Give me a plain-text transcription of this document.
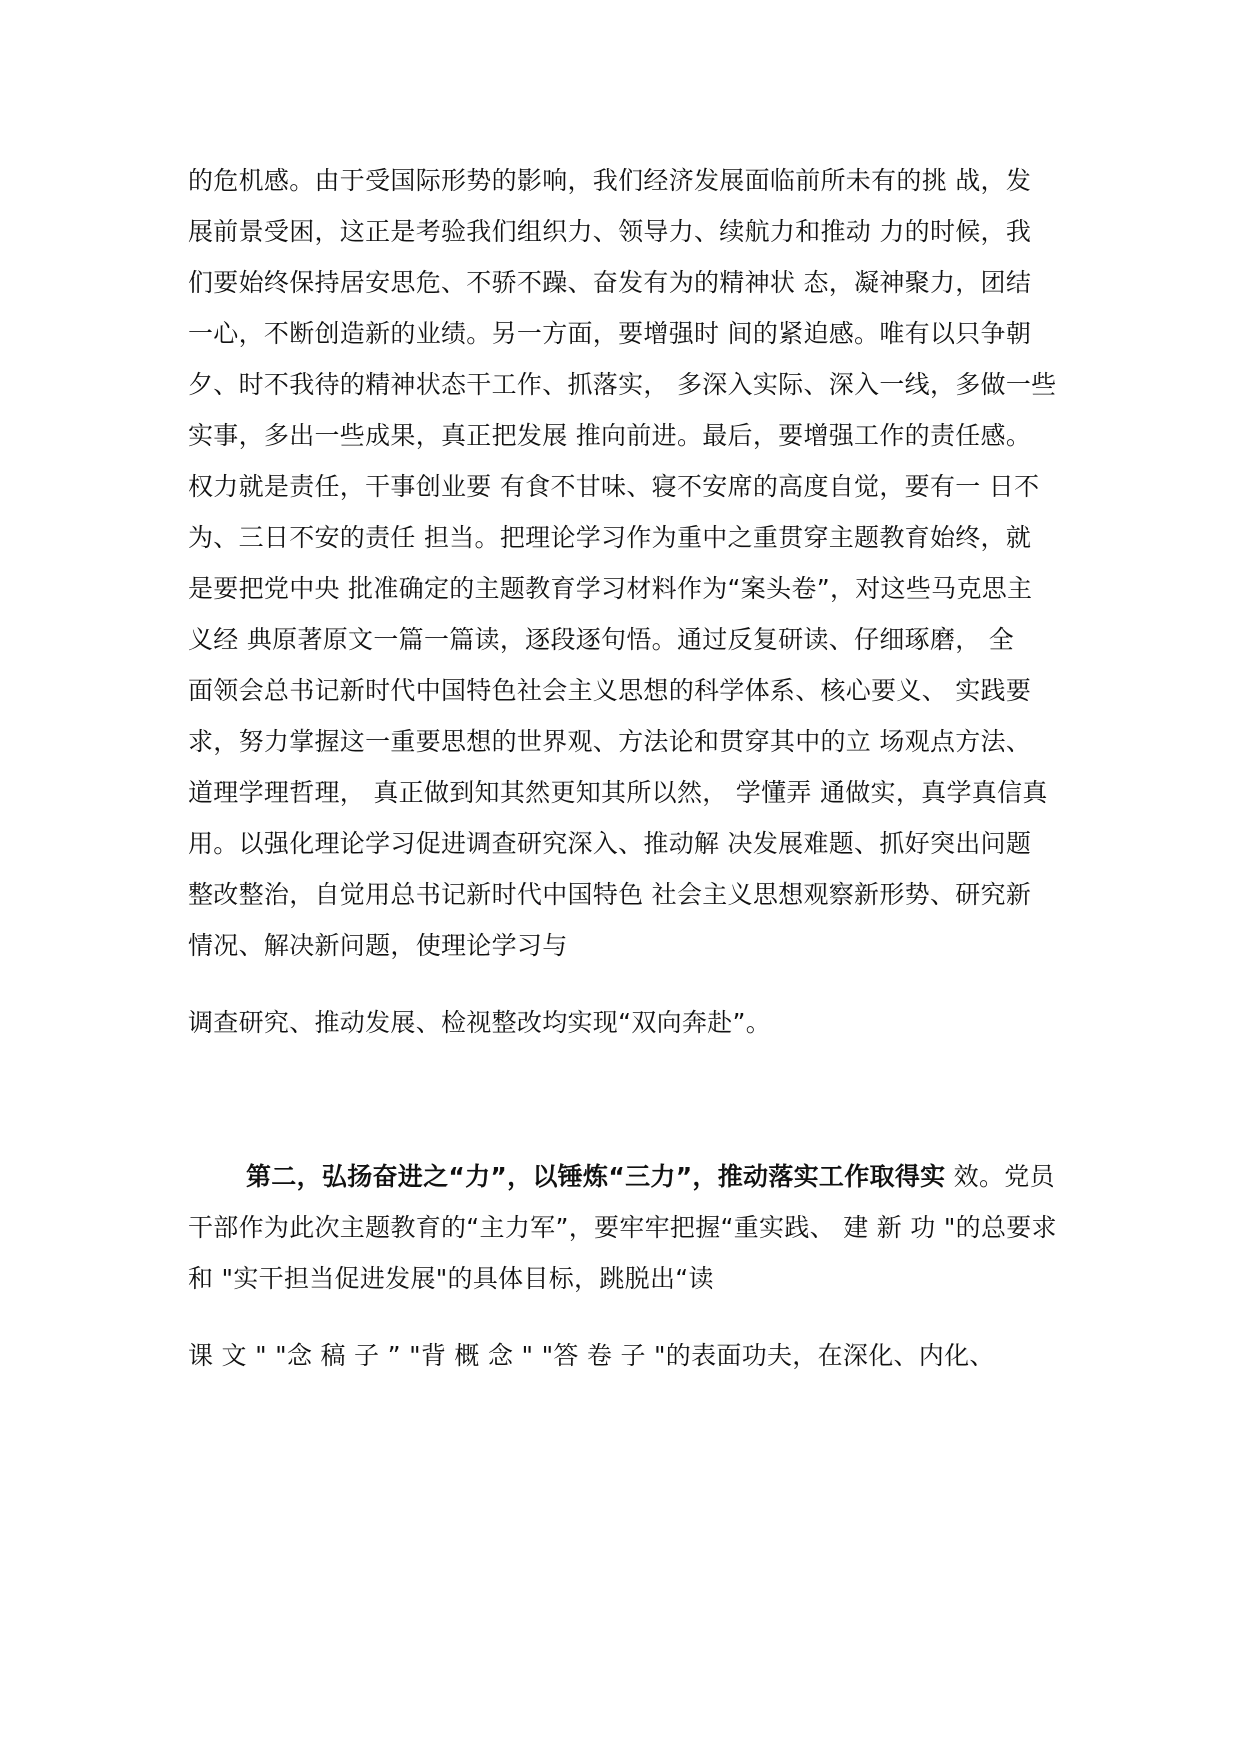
的危机感。由于受国际形势的影响，我们经济发展面临前所未有的挑 战，发
展前景受困，这正是考验我们组织力、领导力、续航力和推动 力的时候，我
们要始终保持居安思危、不骄不躁、奋发有为的精神状 态，凝神聚力，团结
一心，不断创造新的业绩。另一方面，要增强时 间的紧迫感。唯有以只争朝
夕、时不我待的精神状态干工作、抓落实， 多深入实际、深入一线，多做一些
实事，多出一些成果，真正把发展 推向前进。最后，要增强工作的责任感。
权力就是责任，干事创业要 有食不甘味、寝不安席的高度自觉，要有一 日不
为、三日不安的责任 担当。把理论学习作为重中之重贯穿主题教育始终，就
是要把党中央 批准确定的主题教育学习材料作为“案头卷”，对这些马克思主
义经 典原著原文一篇一篇读，逐段逐句悟。通过反复研读、仔细琢磨， 全
面领会总书记新时代中国特色社会主义思想的科学体系、核心要义、 实践要
求，努力掌握这一重要思想的世界观、方法论和贯穿其中的立 场观点方法、
道理学理哲理， 真正做到知其然更知其所以然， 学懂弄 通做实，真学真信真
用。以强化理论学习促进调查研究深入、推动解 决发展难题、抓好突出问题
整改整治，自觉用总书记新时代中国特色 社会主义思想观察新形势、研究新
情况、解决新问题，使理论学习与
调查研究、推动发展、检视整改均实现“双向奔赴”。
第二，弘扬奋进之“力”，以锤炼“三力”，推动落实工作取得实 效。党员
干部作为此次主题教育的“主力军”，要牢牢把握“重实践、 建 新 功 "的总要求
和 "实干担当促进发展"的具体目标，跳脱出“读
课 文 " "念 稿 子 ” "背 概 念 " "答 卷 子 "的表面功夫，在深化、内化、
